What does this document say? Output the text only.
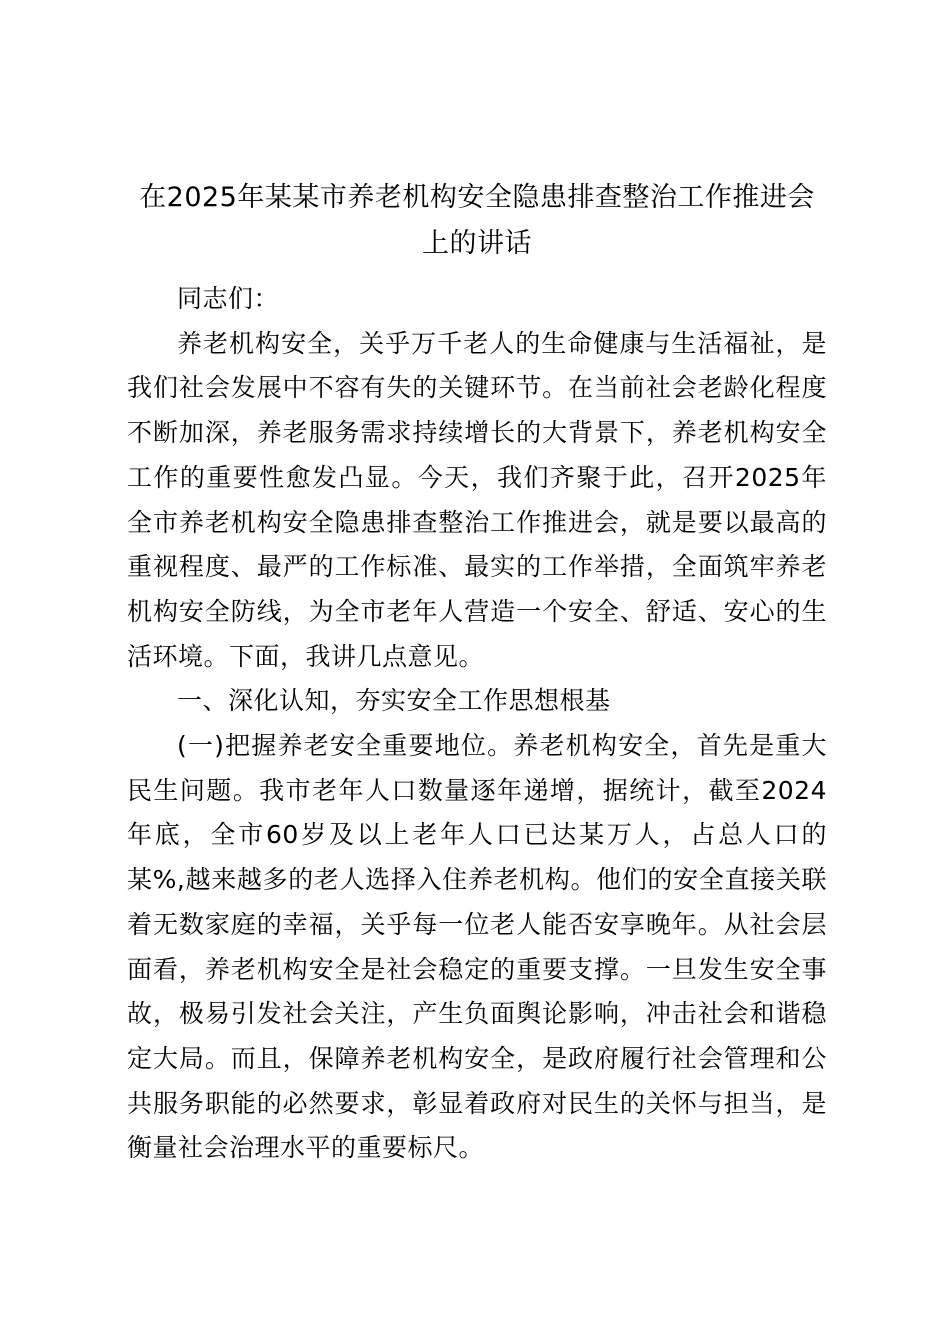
在2025年某某市养老机构安全隐患排查整治工作推进会
上的讲话

同志们：

养老机构安全，关乎万千老人的生命健康与生活福祉，是我们社会发展中不容有失的关键环节。在当前社会老龄化程度不断加深，养老服务需求持续增长的大背景下，养老机构安全工作的重要性愈发凸显。今天，我们齐聚于此，召开2025年全市养老机构安全隐患排查整治工作推进会，就是要以最高的重视程度、最严的工作标准、最实的工作举措，全面筑牢养老机构安全防线，为全市老年人营造一个安全、舒适、安心的生活环境。下面，我讲几点意见。

一、深化认知，夯实安全工作思想根基

(一)把握养老安全重要地位。养老机构安全，首先是重大民生问题。我市老年人口数量逐年递增，据统计，截至2024年底，全市60岁及以上老年人口已达某万人，占总人口的某%,越来越多的老人选择入住养老机构。他们的安全直接关联着无数家庭的幸福，关乎每一位老人能否安享晚年。从社会层面看，养老机构安全是社会稳定的重要支撑。一旦发生安全事故，极易引发社会关注，产生负面舆论影响，冲击社会和谐稳定大局。而且，保障养老机构安全，是政府履行社会管理和公共服务职能的必然要求，彰显着政府对民生的关怀与担当，是衡量社会治理水平的重要标尺。
